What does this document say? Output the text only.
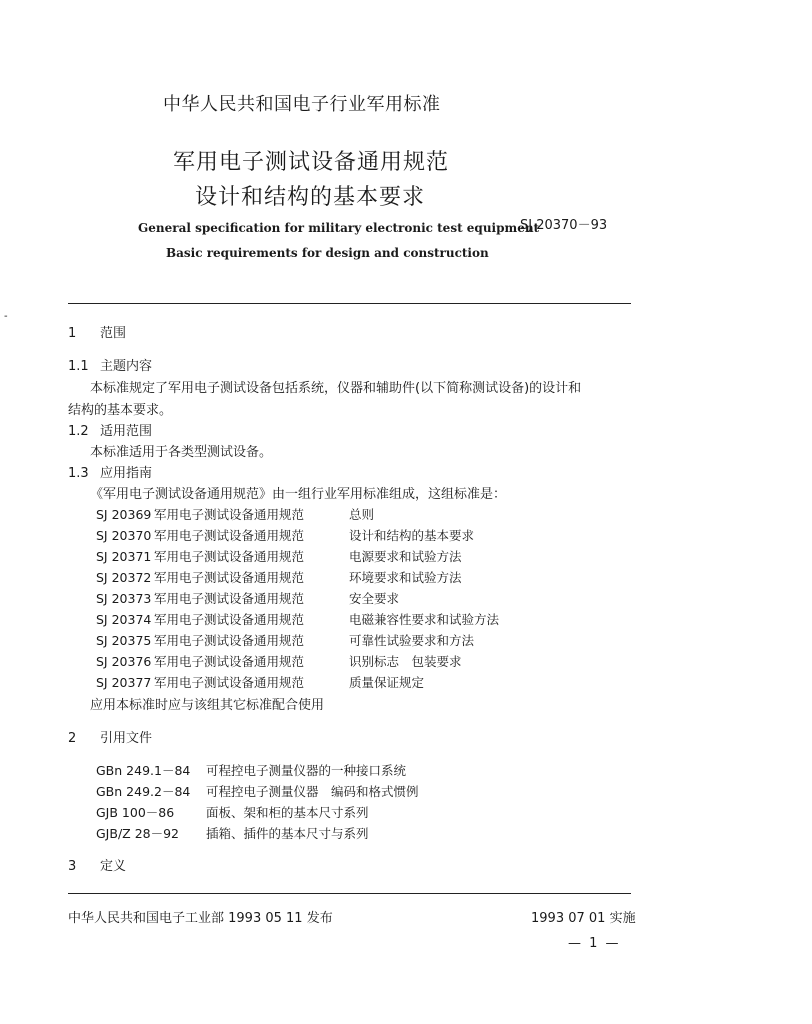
-
中华人民共和国电子行业军用标准
军用电子测试设备通用规范
设计和结构的基本要求
General specification for military electronic test equipment
Basic requirements for design and construction
SJ 20370－93
1 范围
1.1 主题内容
本标准规定了军用电子测试设备包括系统，仪器和辅助件(以下简称测试设备)的设计和
结构的基本要求。
1.2 适用范围
本标准适用于各类型测试设备。
1.3 应用指南
《军用电子测试设备通用规范》由一组行业军用标准组成，这组标准是：
SJ 20369 军用电子测试设备通用规范	总则
SJ 20370 军用电子测试设备通用规范	设计和结构的基本要求
SJ 20371 军用电子测试设备通用规范	电源要求和试验方法
SJ 20372 军用电子测试设备通用规范	环境要求和试验方法
SJ 20373 军用电子测试设备通用规范	安全要求
SJ 20374 军用电子测试设备通用规范	电磁兼容性要求和试验方法
SJ 20375 军用电子测试设备通用规范	可靠性试验要求和方法
SJ 20376 军用电子测试设备通用规范	识别标志　包装要求
SJ 20377 军用电子测试设备通用规范	质量保证规定
应用本标准时应与该组其它标准配合使用
2 引用文件
GBn 249.1－84 可程控电子测量仪器的一种接口系统
GBn 249.2－84 可程控电子测量仪器　编码和格式惯例
GJB 100－86	面板、架和柜的基本尺寸系列
GJB/Z 28－92 插箱、插件的基本尺寸与系列
3 定义
中华人民共和国电子工业部 1993 05 11 发布	1993 07 01 实施
— 1 —
